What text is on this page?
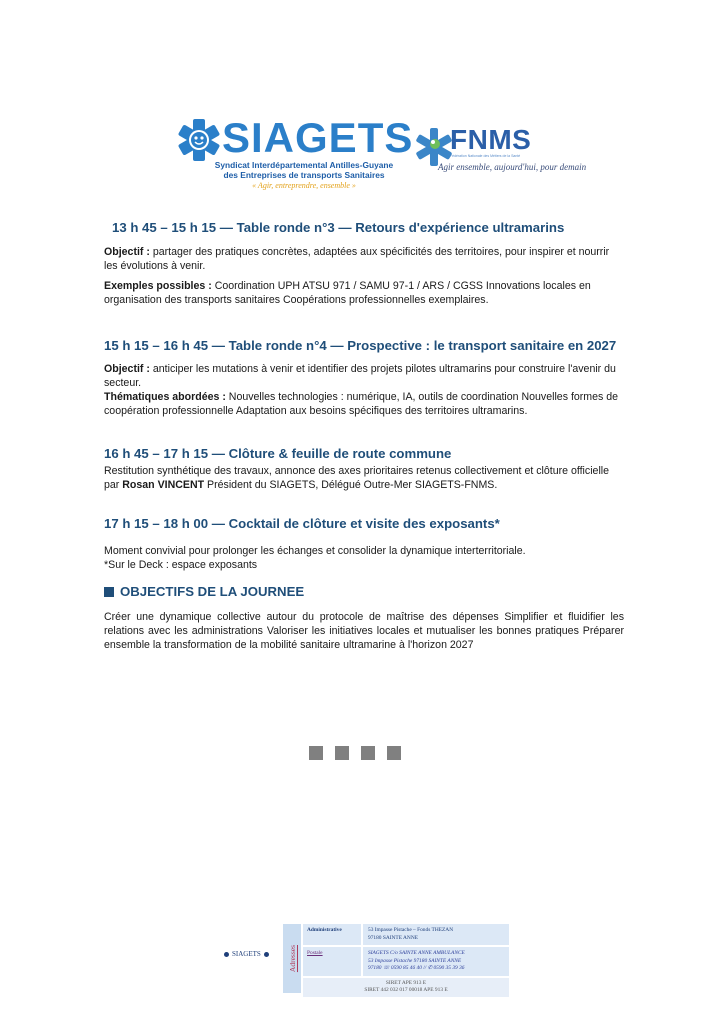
SIAGETS
Syndicat Interdépartemental Antilles-Guyane
des Entreprises de transports Sanitaires
« Agir, entreprendre, ensemble »
FNMS
Fédération Nationale des Métiers de la Santé
Agir ensemble, aujourd'hui, pour demain
13 h 45 – 15 h 15 — Table ronde n°3 — Retours d'expérience ultramarins
Objectif : partager des pratiques concrètes, adaptées aux spécificités des territoires, pour inspirer et nourrir les évolutions à venir.
Exemples possibles : Coordination UPH ATSU 971 / SAMU 97-1 / ARS / CGSS Innovations locales en organisation des transports sanitaires Coopérations professionnelles exemplaires.
15 h 15 – 16 h 45 — Table ronde n°4 — Prospective : le transport sanitaire en 2027
Objectif : anticiper les mutations à venir et identifier des projets pilotes ultramarins pour construire l'avenir du secteur.
Thématiques abordées : Nouvelles technologies : numérique, IA, outils de coordination Nouvelles formes de coopération professionnelle Adaptation aux besoins spécifiques des territoires ultramarins.
16 h 45 – 17 h 15 — Clôture & feuille de route commune
Restitution synthétique des travaux, annonce des axes prioritaires retenus collectivement et clôture officielle par Rosan VINCENT Président du SIAGETS, Délégué Outre-Mer SIAGETS-FNMS.
17 h 15 – 18 h 00 — Cocktail de clôture et visite des exposants*
Moment convivial pour prolonger les échanges et consolider la dynamique interterritoriale.
*Sur le Deck : espace exposants
OBJECTIFS DE LA JOURNEE
Créer une dynamique collective autour du protocole de maîtrise des dépenses Simplifier et fluidifier les relations avec les administrations Valoriser les initiatives locales et mutualiser les bonnes pratiques Préparer ensemble la transformation de la mobilité sanitaire ultramarine à l'horizon 2027
SIAGETS	Adresses
Administrative	53 Impasse Pistache – Fonds THEZAN
97180 SAINTE ANNE
Postale	SIAGETS C/o SAINTE ANNE AMBULANCE
53 Impasse Pistache 97180 SAINTE ANNE
97180 ☏ 0590 85 46 40 // ✆ 0590 35 39 36
SIRET APE 913 E
SIRET 442 032 017 00018 APE 913 E
